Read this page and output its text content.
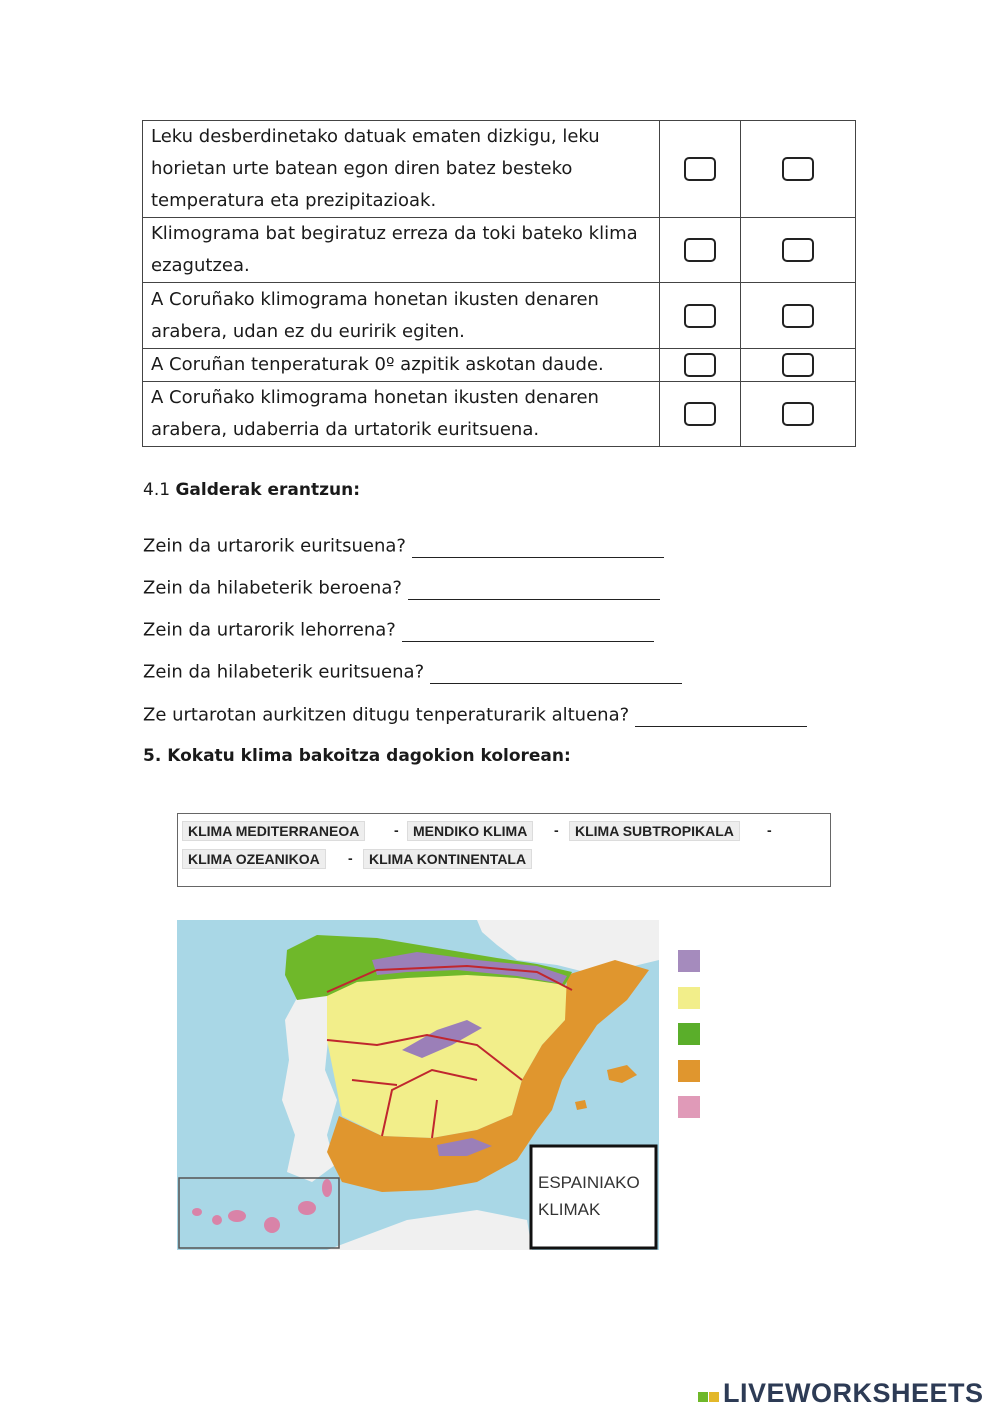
Leku desberdinetako datuak ematen dizkigu, leku horietan urte batean egon diren batez besteko temperatura eta prezipitazioak.		
Klimograma bat begiratuz erreza da toki bateko klima ezagutzea.		
A Coruñako klimograma honetan ikusten denaren arabera, udan ez du euririk egiten.		
A Coruñan tenperaturak 0º azpitik askotan daude.		
A Coruñako klimograma honetan ikusten denaren arabera, udaberria da urtatorik euritsuena.		
4.1 Galderak erantzun:
Zein da urtarorik euritsuena?
Zein da hilabeterik beroena?
Zein da urtarorik lehorrena?
Zein da hilabeterik euritsuena?
Ze urtarotan aurkitzen ditugu tenperaturarik altuena?
5. Kokatu klima bakoitza dagokion kolorean:
KLIMA MEDITERRANEOA	-	MENDIKO KLIMA	-	KLIMA SUBTROPIKALA	-
KLIMA OZEANIKOA	-	KLIMA KONTINENTALA
ESPAINIAKO
KLIMAK
LIVEWORKSHEETS
